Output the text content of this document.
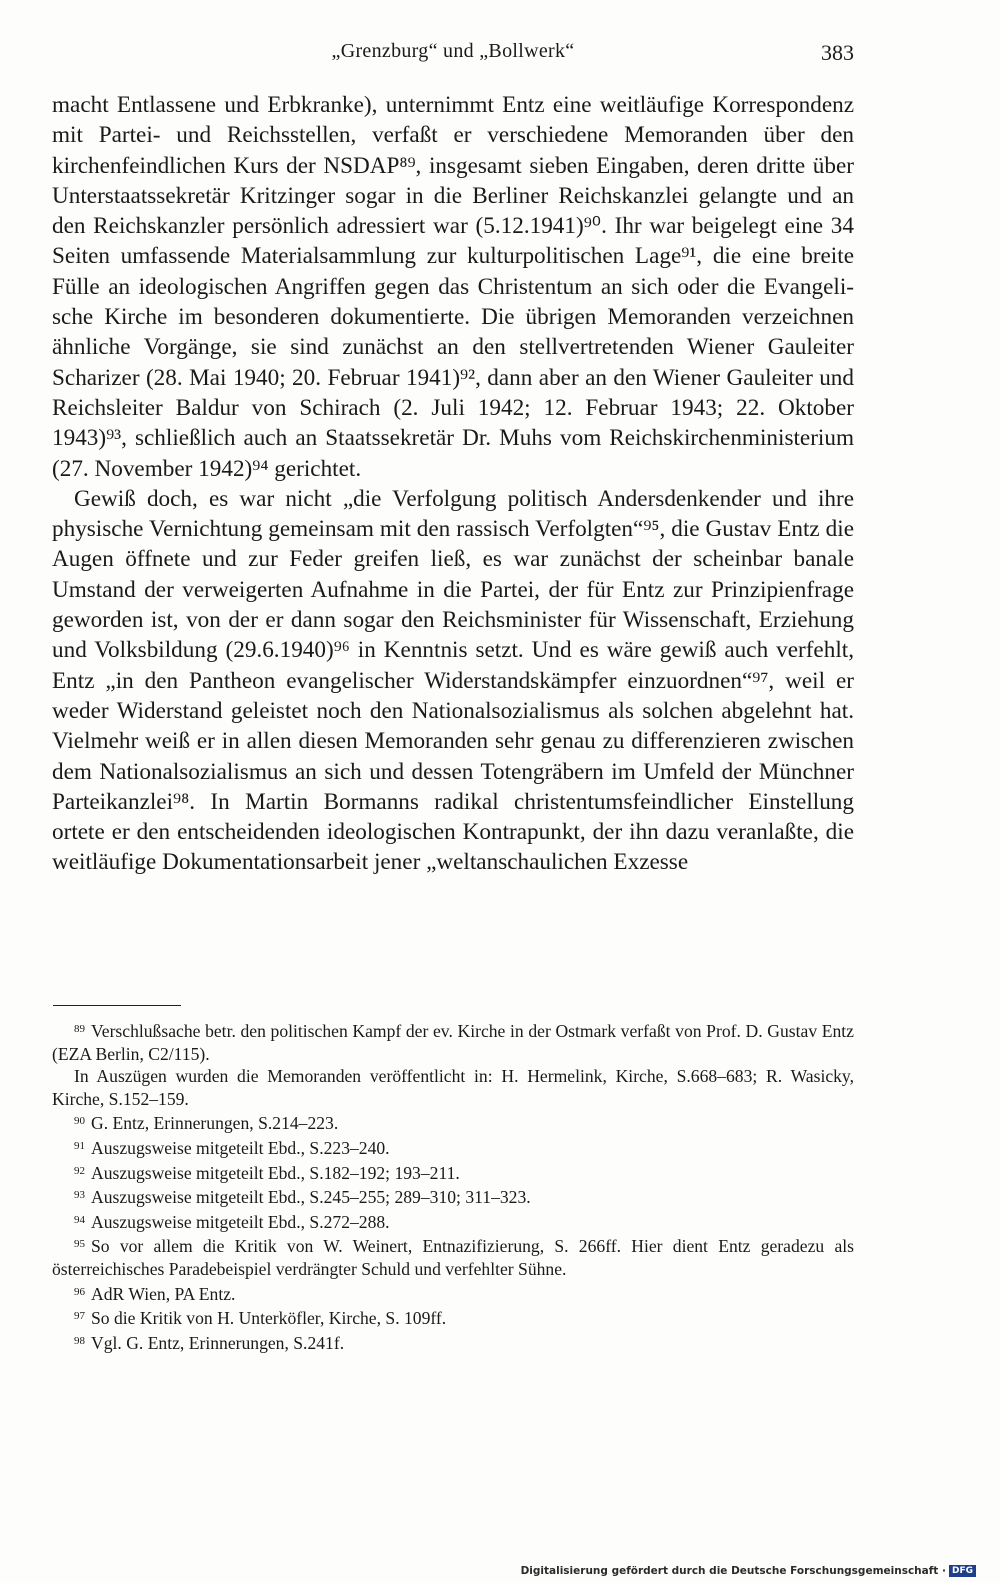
„Grenzburg“ und „Bollwerk“	383

macht Entlassene und Erbkranke), unternimmt Entz eine weitläufige Korrespondenz mit Partei- und Reichsstellen, verfaßt er verschiedene Memoranden über den kirchenfeindlichen Kurs der NSDAP⁸⁹, insgesamt sieben Eingaben, deren dritte über Unterstaatssekretär Kritzinger sogar in die Berliner Reichskanzlei gelangte und an den Reichskanzler persönlich adressiert war (5.12.1941)⁹⁰. Ihr war beigelegt eine 34 Seiten umfassende Materialsammlung zur kulturpolitischen Lage⁹¹, die eine breite Fülle an ideologischen Angriffen gegen das Christentum an sich oder die Evangelische Kirche im besonderen dokumentierte. Die übrigen Memoranden verzeichnen ähnliche Vorgänge, sie sind zunächst an den stellvertretenden Wiener Gauleiter Scharizer (28. Mai 1940; 20. Februar 1941)⁹², dann aber an den Wiener Gauleiter und Reichsleiter Baldur von Schirach (2. Juli 1942; 12. Februar 1943; 22. Oktober 1943)⁹³, schließlich auch an Staatssekretär Dr. Muhs vom Reichskirchenministerium (27. November 1942)⁹⁴ gerichtet.

Gewiß doch, es war nicht „die Verfolgung politisch Andersdenkender und ihre physische Vernichtung gemeinsam mit den rassisch Verfolgten“⁹⁵, die Gustav Entz die Augen öffnete und zur Feder greifen ließ, es war zunächst der scheinbar banale Umstand der verweigerten Aufnahme in die Partei, der für Entz zur Prinzipienfrage geworden ist, von der er dann sogar den Reichsminister für Wissenschaft, Erziehung und Volksbildung (29.6.1940)⁹⁶ in Kenntnis setzt. Und es wäre gewiß auch verfehlt, Entz „in den Pantheon evangelischer Widerstandskämpfer einzuordnen“⁹⁷, weil er weder Widerstand geleistet noch den Nationalsozialismus als solchen abgelehnt hat. Vielmehr weiß er in allen diesen Memoranden sehr genau zu differenzieren zwischen dem Nationalsozialismus an sich und dessen Totengräbern im Umfeld der Münchner Parteikanzlei⁹⁸. In Martin Bormanns radikal christentumsfeindlicher Einstellung ortete er den entscheidenden ideologischen Kontrapunkt, der ihn dazu veranlaßte, die weitläufige Dokumentationsarbeit jener „weltanschaulichen Exzesse

$^{89}$ Verschlußsache betr. den politischen Kampf der ev. Kirche in der Ostmark verfaßt von Prof. D. Gustav Entz (EZA Berlin, C2/115).

In Auszügen wurden die Memoranden veröffentlicht in: H. Hermelink, Kirche, S.668–683; R. Wasicky, Kirche, S.152–159.

$^{90}$ G. Entz, Erinnerungen, S.214–223.

$^{91}$ Auszugsweise mitgeteilt Ebd., S.223–240.

$^{92}$ Auszugsweise mitgeteilt Ebd., S.182–192; 193–211.

$^{93}$ Auszugsweise mitgeteilt Ebd., S.245–255; 289–310; 311–323.

$^{94}$ Auszugsweise mitgeteilt Ebd., S.272–288.

$^{95}$ So vor allem die Kritik von W. Weinert, Entnazifizierung, S. 266ff. Hier dient Entz geradezu als österreichisches Paradebeispiel verdrängter Schuld und verfehlter Sühne.

$^{96}$ AdR Wien, PA Entz.

$^{97}$ So die Kritik von H. Unterköfler, Kirche, S. 109ff.

$^{98}$ Vgl. G. Entz, Erinnerungen, S.241f.

Digitalisierung gefördert durch die Deutsche Forschungsgemeinschaft · DFG
